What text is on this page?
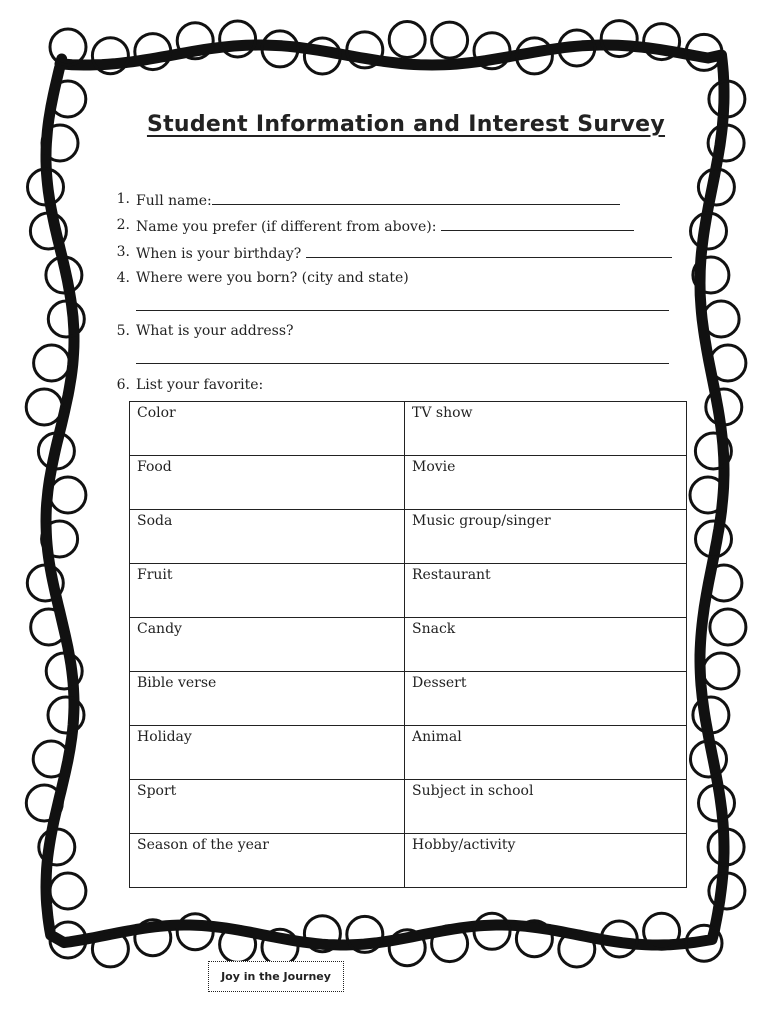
Student Information and Interest Survey
1. Full name:
2. Name you prefer (if different from above):
3. When is your birthday?
4. Where were you born? (city and state)
5. What is your address?
6. List your favorite:
Color	TV show
Food	Movie
Soda	Music group/singer
Fruit	Restaurant
Candy	Snack
Bible verse	Dessert
Holiday	Animal
Sport	Subject in school
Season of the year	Hobby/activity
Joy in the Journey
